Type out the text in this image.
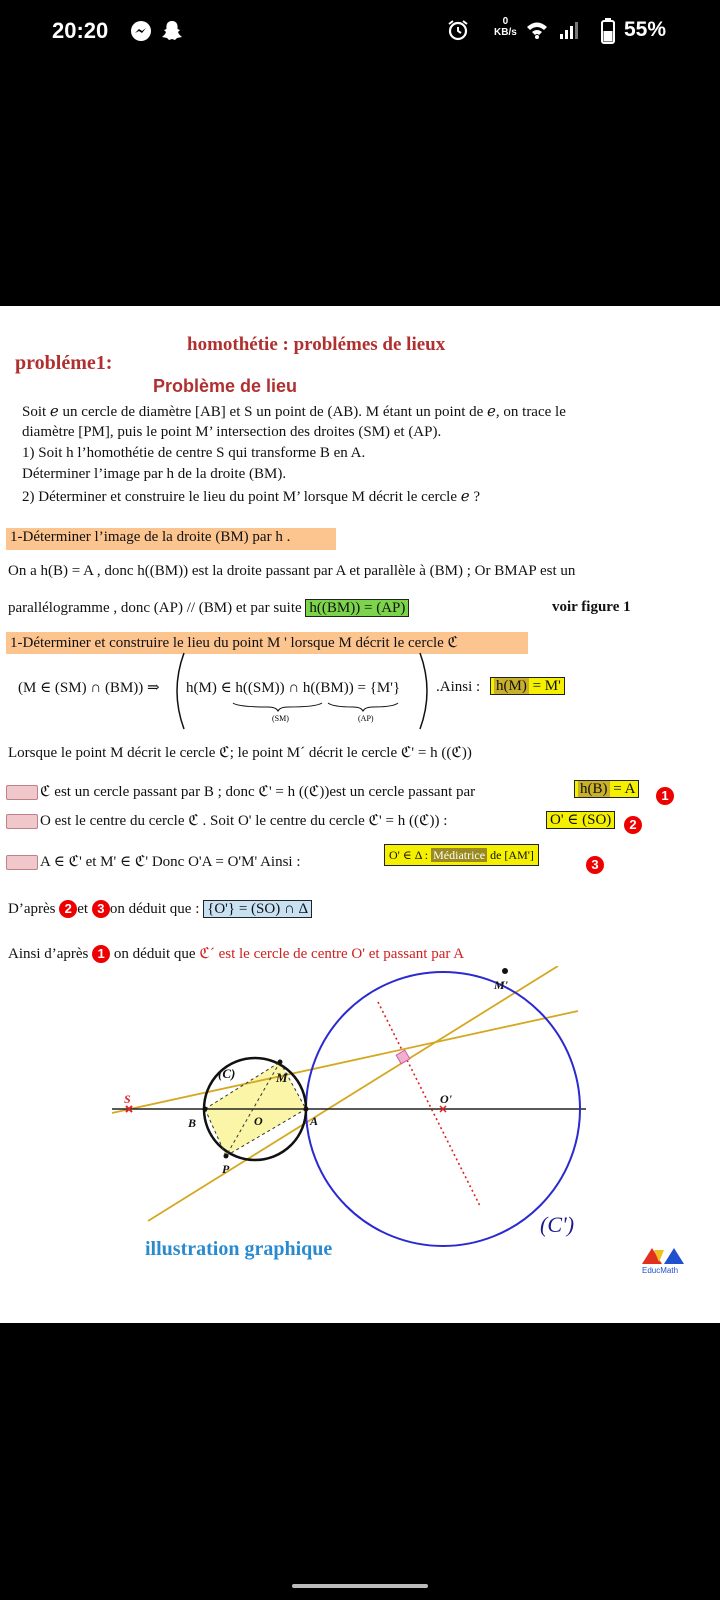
20:20	0
KB/s	55%
homothétie : problémes de lieux
probléme1:
Problème de lieu
Soit ℯ un cercle de diamètre [AB] et S un point de (AB). M étant un point de ℯ, on trace le
diamètre [PM], puis le point M’ intersection des droites (SM) et (AP).
1) Soit h l’homothétie de centre S qui transforme B en A.
Déterminer l’image par h de la droite (BM).
2) Déterminer et construire le lieu du point M’ lorsque M décrit le cercle ℯ ?
1-Déterminer l’image de la droite (BM) par h .
On a h(B) = A , donc h((BM)) est la droite passant par A et parallèle à (BM) ; Or BMAP est un
parallélogramme , donc (AP) // (BM) et par suite h((BM)) = (AP)	voir figure 1
1-Déterminer et construire le lieu du point M ' lorsque M décrit le cercle ℭ
(M ∈ (SM) ∩ (BM)) ⇒ h(M) ∈ h((SM)) ∩ h((BM)) = {M'}
(SM)	(AP)
.Ainsi :	h(M) = M'
Lorsque le point M décrit le cercle ℭ; le point M´ décrit le cercle ℭ' = h ((ℭ))
ℭ est un cercle passant par B ; donc ℭ' = h ((ℭ))est un cercle passant par	h(B) = A	1
O est le centre du cercle ℭ . Soit O' le centre du cercle ℭ' = h ((ℭ)) :	O' ∈ (SO)	2
A ∈ ℭ' et M' ∈ ℭ' Donc O'A = O'M' Ainsi :	O' ∈ Δ : Médiatrice de [AM']
3
D’après 2 et 3 on déduit que : {O'} = (SO) ∩ Δ
Ainsi d’après 1 on déduit que ℭ´ est le cercle de centre O' et passant par A
(C)	M
S
B	O	A
P
M'
O'
(C')
illustration graphique
EducMath
